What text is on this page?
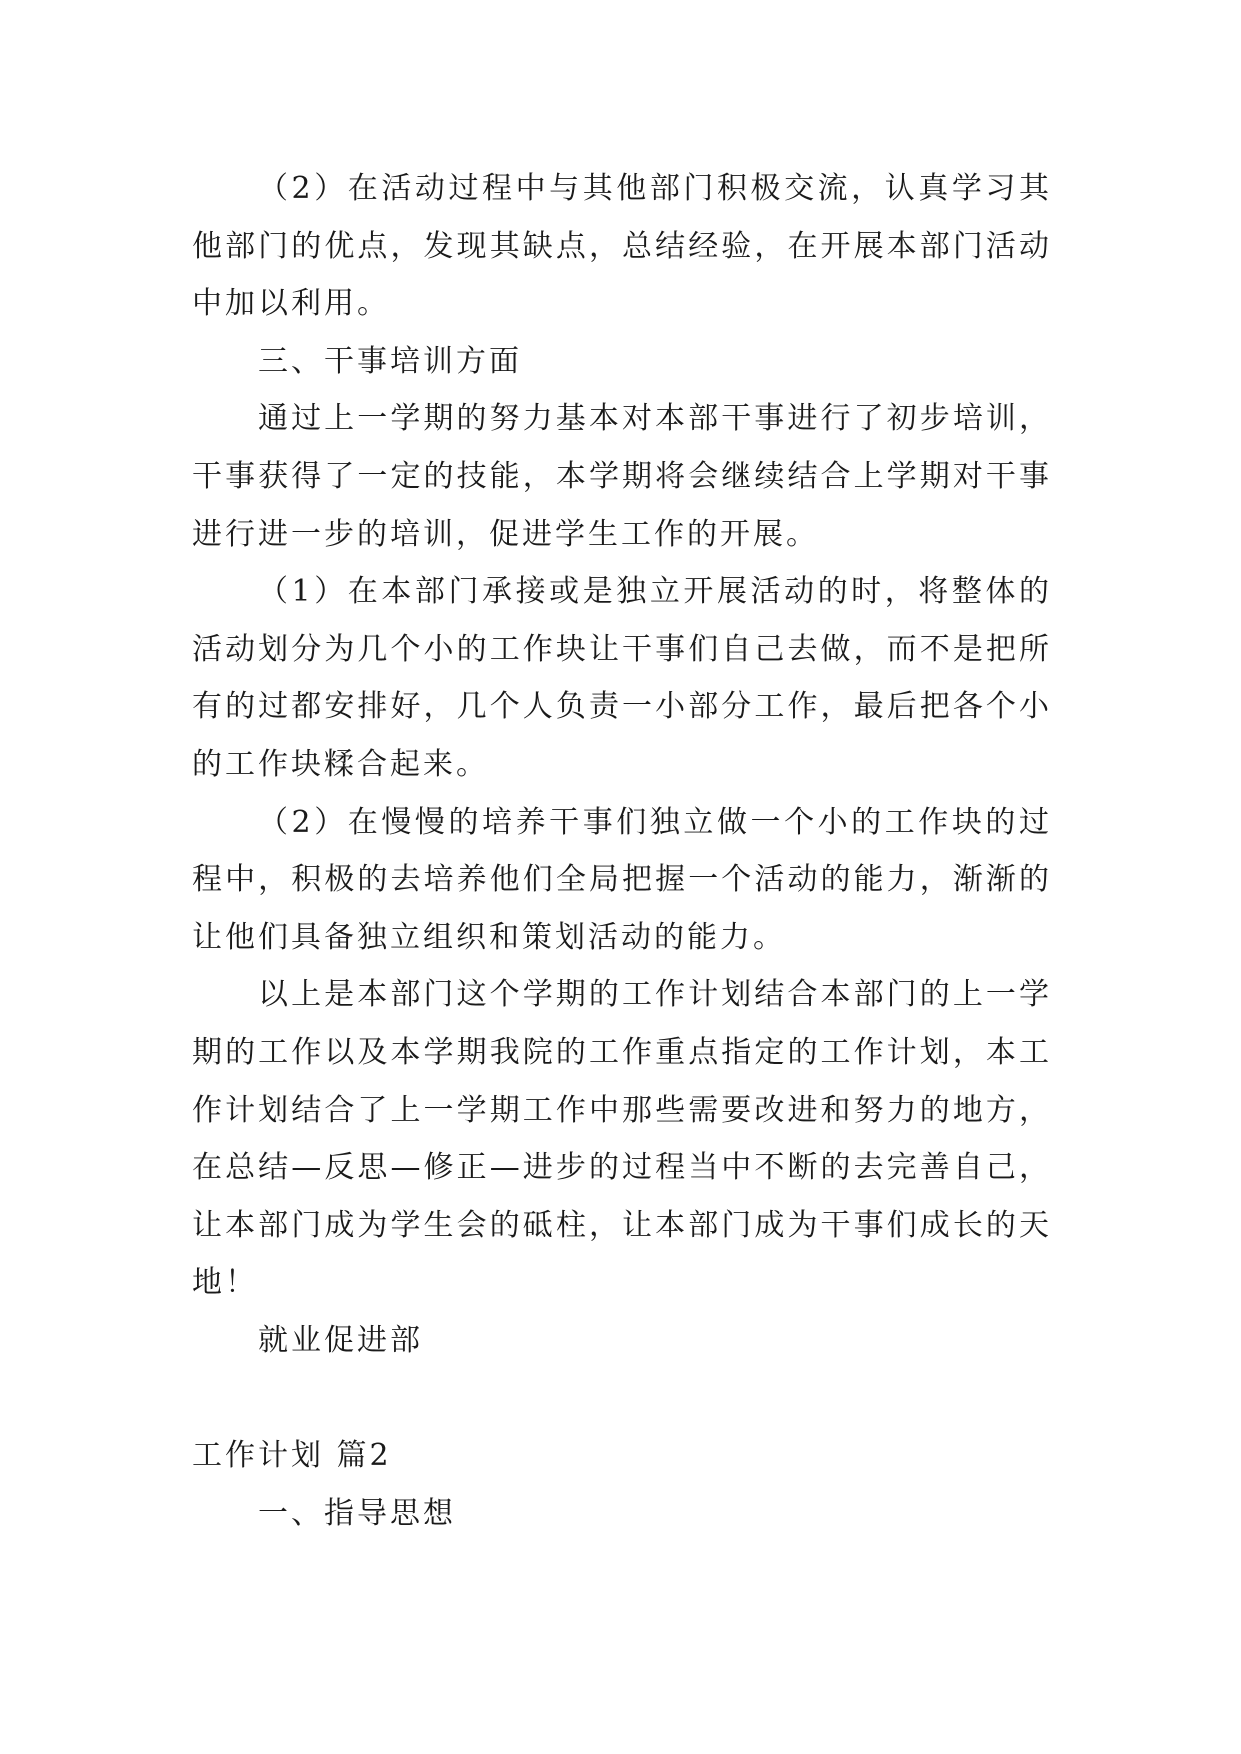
（2）在活动过程中与其他部门积极交流，认真学习其他部门的优点，发现其缺点，总结经验，在开展本部门活动中加以利用。

三、干事培训方面

通过上一学期的努力基本对本部干事进行了初步培训，干事获得了一定的技能，本学期将会继续结合上学期对干事进行进一步的培训，促进学生工作的开展。

（1）在本部门承接或是独立开展活动的时，将整体的活动划分为几个小的工作块让干事们自己去做，而不是把所有的过都安排好，几个人负责一小部分工作，最后把各个小的工作块糅合起来。

（2）在慢慢的培养干事们独立做一个小的工作块的过程中，积极的去培养他们全局把握一个活动的能力，渐渐的让他们具备独立组织和策划活动的能力。

以上是本部门这个学期的工作计划结合本部门的上一学期的工作以及本学期我院的工作重点指定的工作计划，本工作计划结合了上一学期工作中那些需要改进和努力的地方，在总结—反思—修正—进步的过程当中不断的去完善自己，让本部门成为学生会的砥柱，让本部门成为干事们成长的天地！

就业促进部

工作计划 篇2

一、指导思想
